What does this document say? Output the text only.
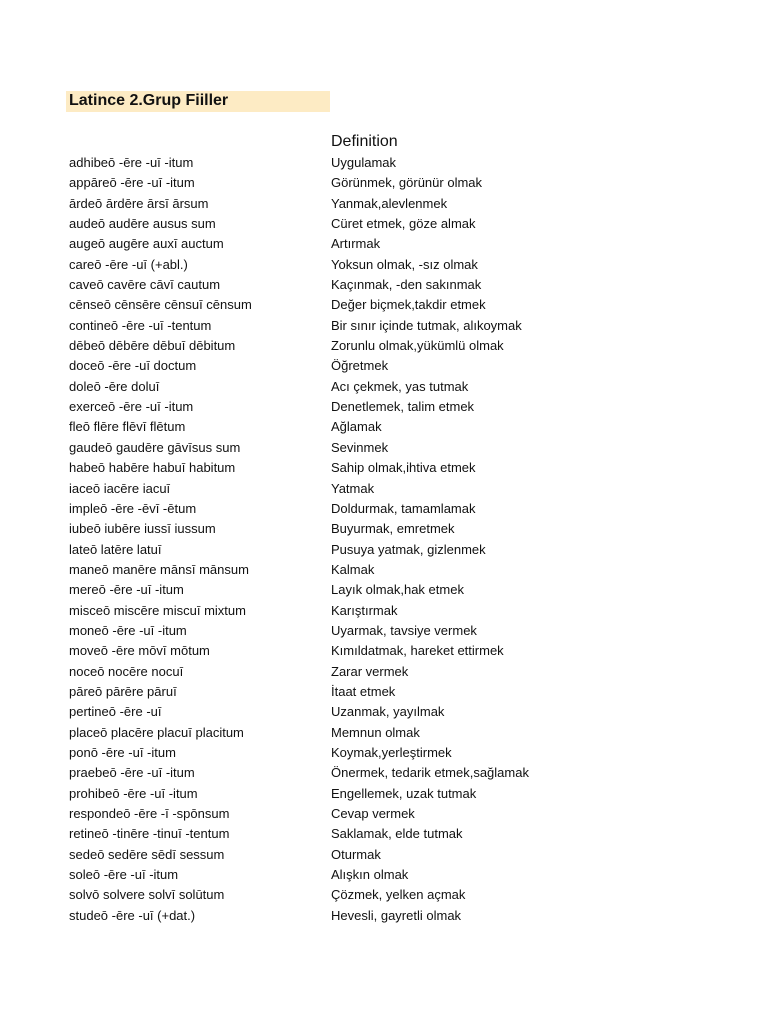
Latince 2.Grup Fiiller
Definition
adhibeō -ēre -uī -itum	Uygulamak
appāreō -ēre -uī -itum	Görünmek, görünür olmak
ārdeō ārdēre ārsī ārsum	Yanmak,alevlenmek
audeō audēre ausus sum	Cüret etmek, göze almak
augeō augēre auxī auctum	Artırmak
careō -ēre -uī (+abl.)	Yoksun olmak, -sız olmak
caveō cavēre cāvī cautum	Kaçınmak, -den sakınmak
cēnseō cēnsēre cēnsuī cēnsum	Değer biçmek,takdir etmek
contineō -ēre -uī -tentum	Bir sınır içinde tutmak, alıkoymak
dēbeō dēbēre dēbuī dēbitum	Zorunlu olmak,yükümlü olmak
doceō -ēre -uī doctum	Öğretmek
doleō -ēre doluī	Acı çekmek, yas tutmak
exerceō -ēre -uī -itum	Denetlemek, talim etmek
fleō flēre flēvī flētum	Ağlamak
gaudeō gaudēre gāvīsus sum	Sevinmek
habeō habēre habuī habitum	Sahip olmak,ihtiva etmek
iaceō iacēre iacuī	Yatmak
impleō -ēre -ēvī -ētum	Doldurmak, tamamlamak
iubeō iubēre iussī iussum	Buyurmak, emretmek
lateō latēre latuī	Pusuya yatmak, gizlenmek
maneō manēre mānsī mānsum	Kalmak
mereō -ēre -uī -itum	Layık olmak,hak etmek
misceō miscēre miscuī mixtum	Karıştırmak
moneō -ēre -uī -itum	Uyarmak, tavsiye vermek
moveō -ēre mōvī mōtum	Kımıldatmak, hareket ettirmek
noceō nocēre nocuī	Zarar vermek
pāreō pārēre pāruī	İtaat etmek
pertineō -ēre -uī	Uzanmak, yayılmak
placeō placēre placuī placitum	Memnun olmak
ponō -ēre -uī -itum	Koymak,yerleştirmek
praebeō -ēre -uī -itum	Önermek, tedarik etmek,sağlamak
prohibeō -ēre -uī -itum	Engellemek, uzak tutmak
respondeō -ēre -ī -spōnsum	Cevap vermek
retineō -tinēre -tinuī -tentum	Saklamak, elde tutmak
sedeō sedēre sēdī sessum	Oturmak
soleō -ēre -uī -itum	Alışkın olmak
solvō solvere solvī solūtum	Çözmek, yelken açmak
studeō -ēre -uī (+dat.)	Hevesli, gayretli olmak
